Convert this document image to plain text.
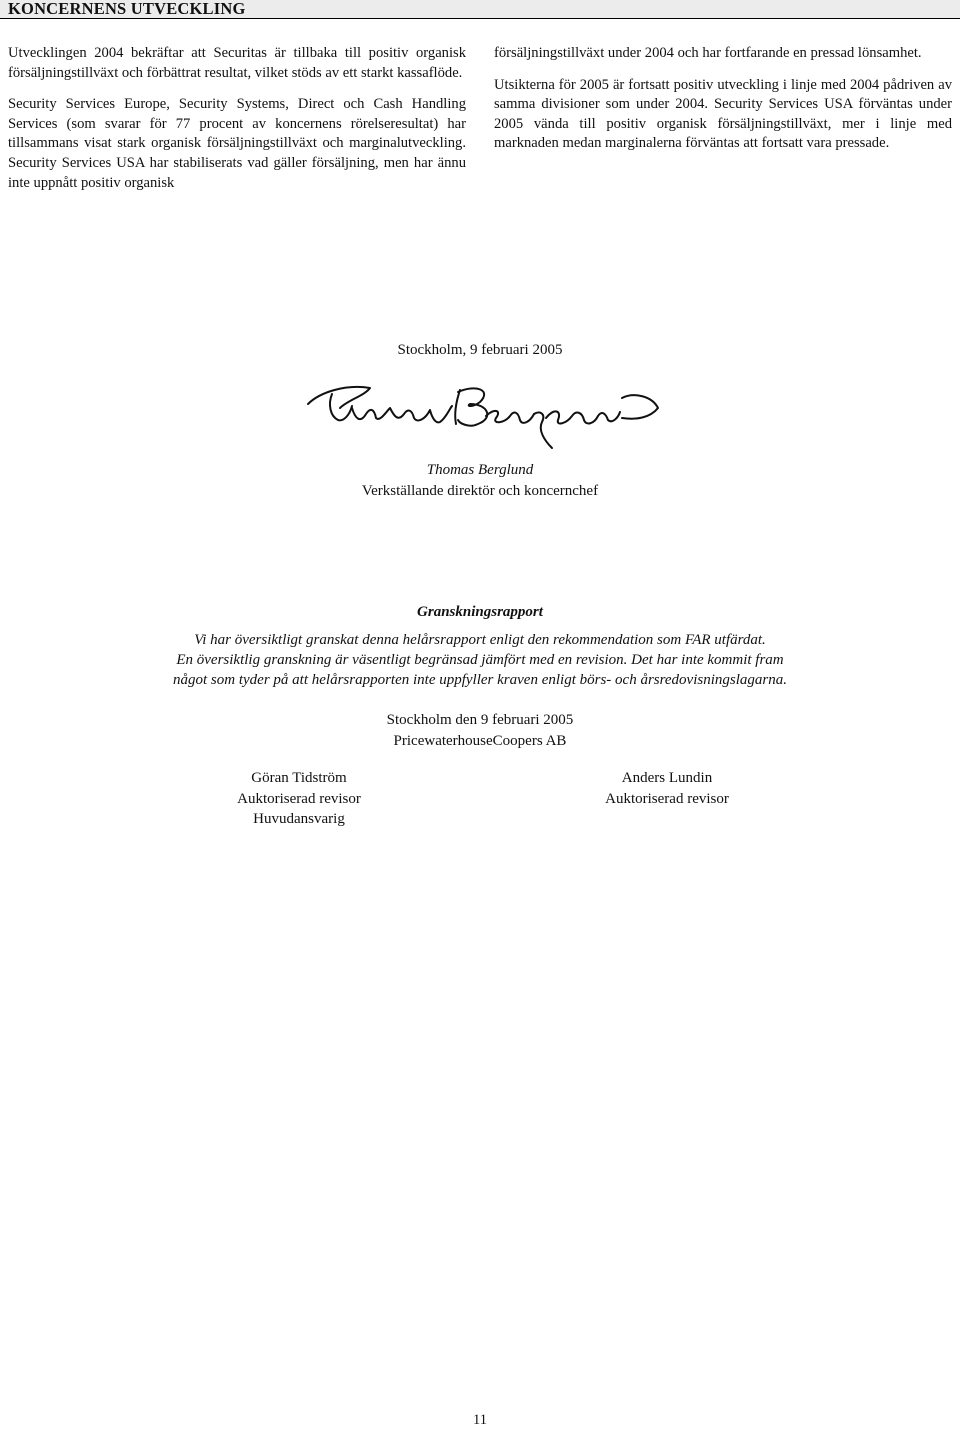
KONCERNENS UTVECKLING

Utvecklingen 2004 bekräftar att Securitas är tillbaka till positiv organisk försäljningstillväxt och förbättrat resultat, vilket stöds av ett starkt kassaflöde.

Security Services Europe, Security Systems, Direct och Cash Handling Services (som svarar för 77 procent av koncernens rörelseresultat) har tillsammans visat stark organisk försäljningstillväxt och marginalutveckling. Security Services USA har stabiliserats vad gäller försäljning, men har ännu inte uppnått positiv organisk

försäljningstillväxt under 2004 och har fortfarande en pressad lönsamhet.

Utsikterna för 2005 är fortsatt positiv utveckling i linje med 2004 pådriven av samma divisioner som under 2004. Security Services USA förväntas under 2005 vända till positiv organisk försäljningstillväxt, mer i linje med marknaden medan marginalerna förväntas att fortsatt vara pressade.

Stockholm, 9 februari 2005
Thomas Berglund
Verkställande direktör och koncernchef
Granskningsrapport
Vi har översiktligt granskat denna helårsrapport enligt den rekommendation som FAR utfärdat.
En översiktlig granskning är väsentligt begränsad jämfört med en revision. Det har inte kommit fram
något som tyder på att helårsrapporten inte uppfyller kraven enligt börs- och årsredovisningslagarna.
Stockholm den 9 februari 2005
PricewaterhouseCoopers AB
Göran Tidström
Auktoriserad revisor
Huvudansvarig
Anders Lundin
Auktoriserad revisor
11
